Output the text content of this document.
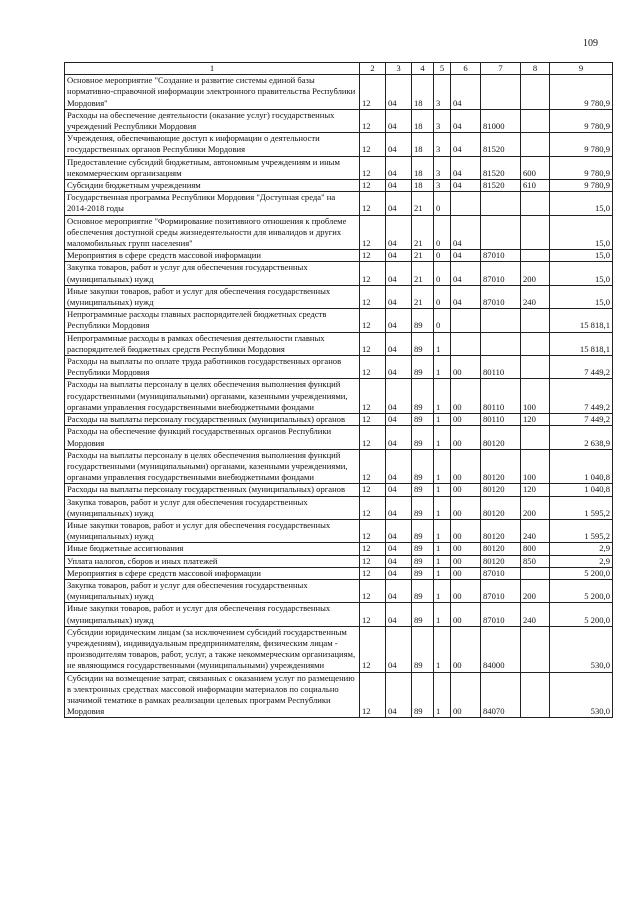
109
1	2	3	4	5	6	7	8	9
Основное мероприятие "Создание и развитие системы единой базы нормативно-справочной информации электронного правительства Республики Мордовия"	12	04	18	3	04			9 780,9
Расходы на обеспечение деятельности (оказание услуг) государственных учреждений Республики Мордовия	12	04	18	3	04	81000		9 780,9
Учреждения, обеспечивающие доступ к информации о деятельности государственных органов Республики Мордовия	12	04	18	3	04	81520		9 780,9
Предоставление субсидий бюджетным, автономным учреждениям и иным некоммерческим организациям	12	04	18	3	04	81520	600	9 780,9
Субсидии бюджетным учреждениям	12	04	18	3	04	81520	610	9 780,9
Государственная программа Республики Мордовия "Доступная среда" на 2014-2018 годы	12	04	21	0				15,0
Основное мероприятие "Формирование позитивного отношения к проблеме обеспечения доступной среды жизнедеятельности для инвалидов и других маломобильных групп населения"	12	04	21	0	04			15,0
Мероприятия в сфере средств массовой информации	12	04	21	0	04	87010		15,0
Закупка товаров, работ и услуг для обеспечения государственных (муниципальных) нужд	12	04	21	0	04	87010	200	15,0
Иные закупки товаров, работ и услуг для обеспечения государственных (муниципальных) нужд	12	04	21	0	04	87010	240	15,0
Непрограммные расходы главных распорядителей бюджетных средств Республики Мордовия	12	04	89	0				15 818,1
Непрограммные расходы в рамках обеспечения деятельности главных распорядителей бюджетных средств Республики Мордовия	12	04	89	1				15 818,1
Расходы на выплаты по оплате труда работников государственных органов Республики Мордовия	12	04	89	1	00	80110		7 449,2
Расходы на выплаты персоналу в целях обеспечения выполнения функций государственными (муниципальными) органами, казенными учреждениями, органами управления государственными внебюджетными фондами	12	04	89	1	00	80110	100	7 449,2
Расходы на выплаты персоналу государственных (муниципальных) органов	12	04	89	1	00	80110	120	7 449,2
Расходы на обеспечение функций государственных органов Республики Мордовия	12	04	89	1	00	80120		2 638,9
Расходы на выплаты персоналу в целях обеспечения выполнения функций государственными (муниципальными) органами, казенными учреждениями, органами управления государственными внебюджетными фондами	12	04	89	1	00	80120	100	1 040,8
Расходы на выплаты персоналу государственных (муниципальных) органов	12	04	89	1	00	80120	120	1 040,8
Закупка товаров, работ и услуг для обеспечения государственных (муниципальных) нужд	12	04	89	1	00	80120	200	1 595,2
Иные закупки товаров, работ и услуг для обеспечения государственных (муниципальных) нужд	12	04	89	1	00	80120	240	1 595,2
Иные бюджетные ассигнования	12	04	89	1	00	80120	800	2,9
Уплата налогов, сборов и иных платежей	12	04	89	1	00	80120	850	2,9
Мероприятия в сфере средств массовой информации	12	04	89	1	00	87010		5 200,0
Закупка товаров, работ и услуг для обеспечения государственных (муниципальных) нужд	12	04	89	1	00	87010	200	5 200,0
Иные закупки товаров, работ и услуг для обеспечения государственных (муниципальных) нужд	12	04	89	1	00	87010	240	5 200,0
Субсидии юридическим лицам (за исключением субсидий государственным учреждениям), индивидуальным предпринимателям, физическим лицам - производителям товаров, работ, услуг, а также некоммерческим организациям, не являющимся государственными (муниципальными) учреждениями	12	04	89	1	00	84000		530,0
Субсидии на возмещение затрат, связанных с оказанием услуг по размещению в электронных средствах массовой информации материалов по социально значимой тематике в рамках реализации целевых программ Республики Мордовия	12	04	89	1	00	84070		530,0
